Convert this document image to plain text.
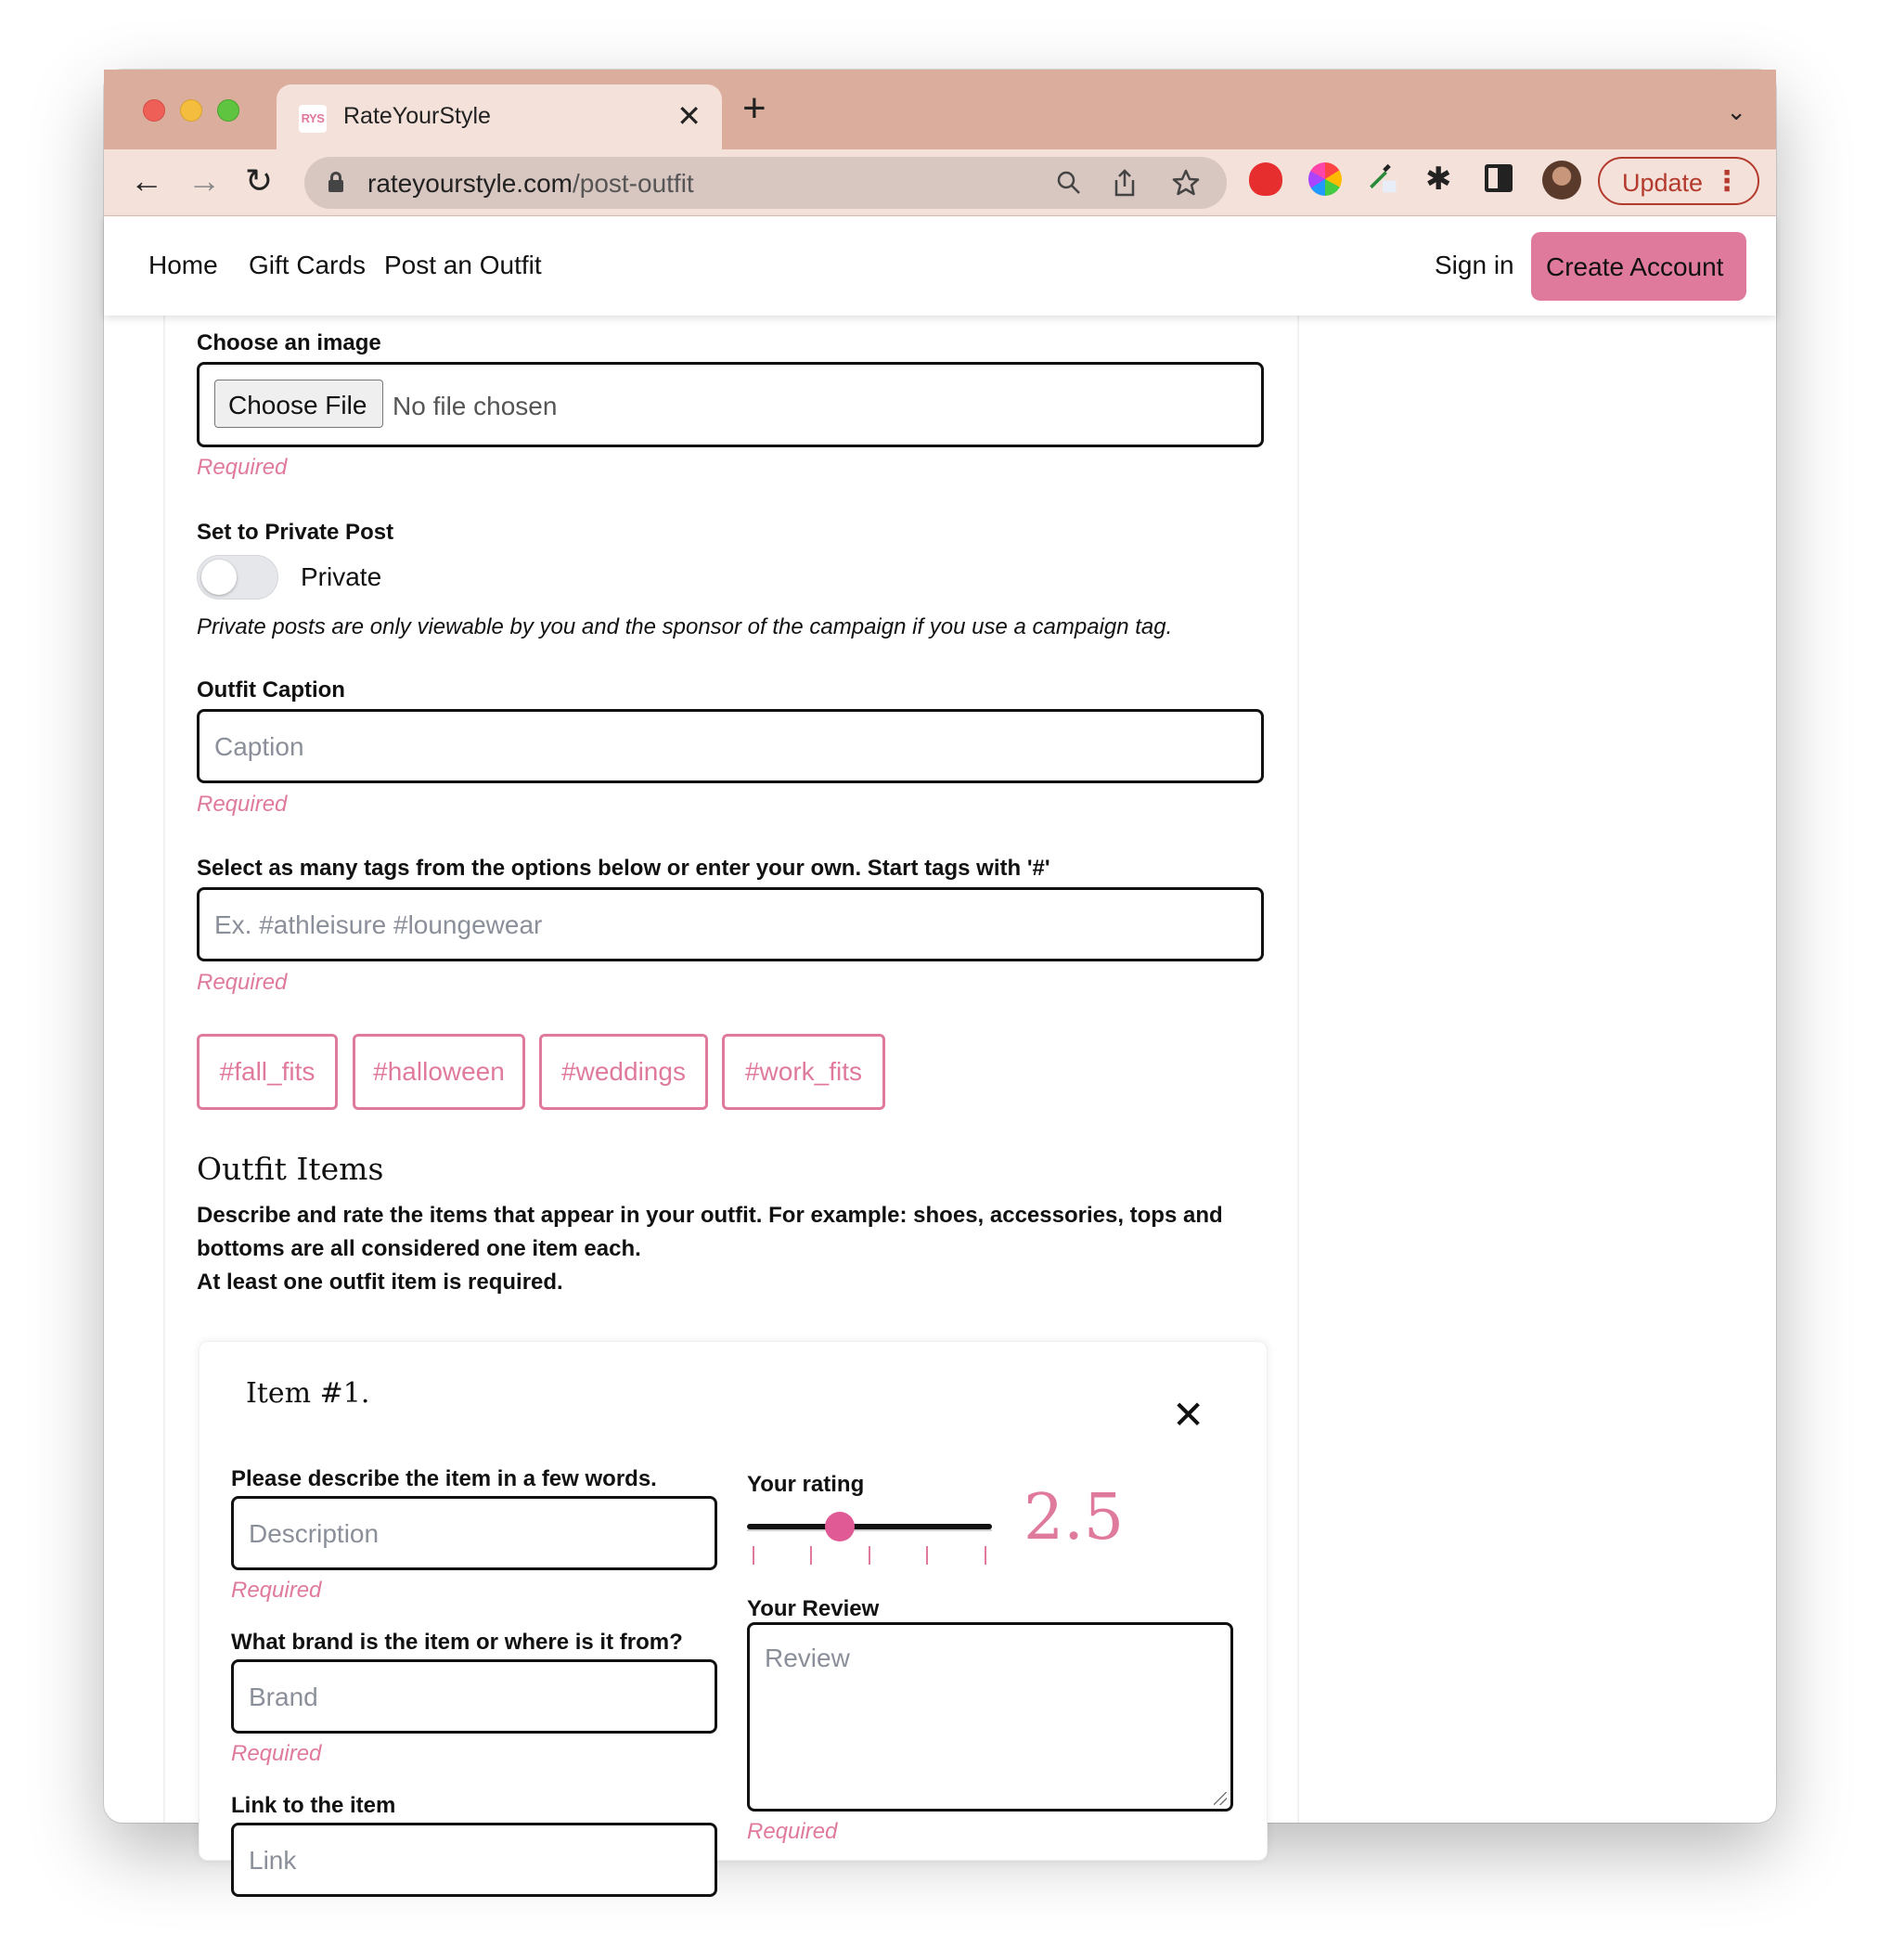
RYS RateYourStyle	✕ +	⌄
← → ↻	rateyourstyle.com/post-outfit	✱	Update ⋮
Home Gift Cards Post an Outfit	Sign in Create Account
Choose an image
Choose File No file chosen
Required
Set to Private Post
Private
Private posts are only viewable by you and the sponsor of the campaign if you use a campaign tag.
Outfit Caption
Caption
Required
Select as many tags from the options below or enter your own. Start tags with '#'
Ex. #athleisure #loungewear
Required
#fall_fits	#halloween	#weddings	#work_fits
Outfit Items
Describe and rate the items that appear in your outfit. For example: shoes, accessories, tops and
bottoms are all considered one item each.
At least one outfit item is required.
Item #1.	✕
Please describe the item in a few words.
Description
Required
What brand is the item or where is it from?
Brand
Required
Link to the item
Link
Your rating	2.5
Your Review
Review
Required
